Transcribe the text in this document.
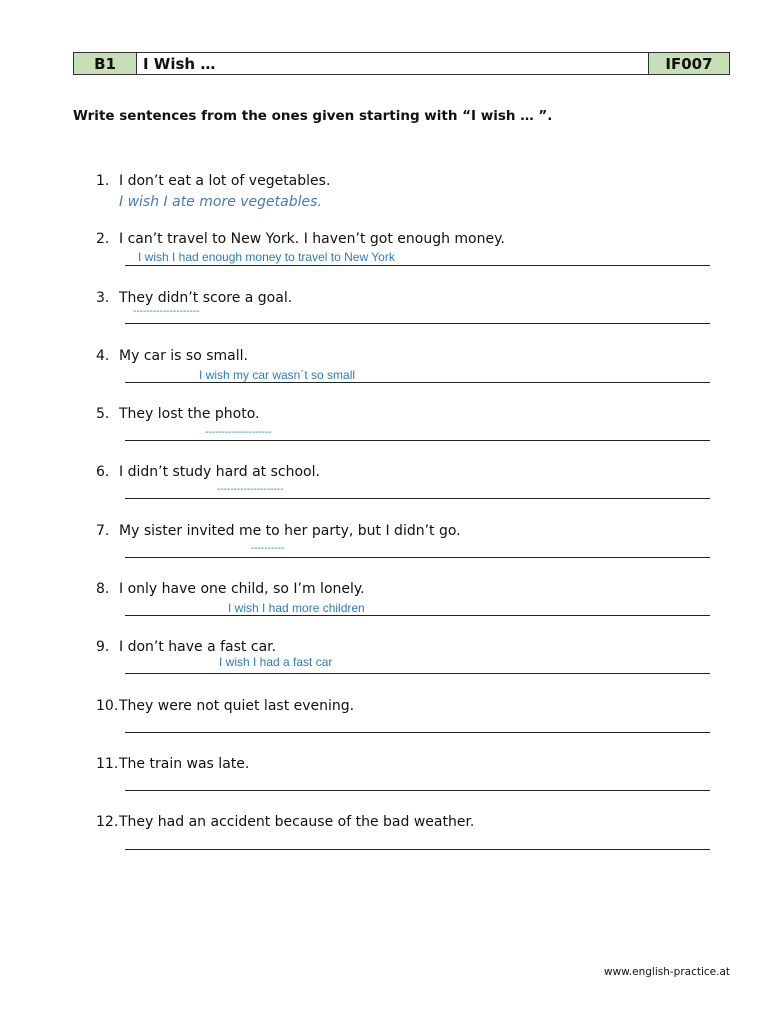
B1	I Wish …	IF007
Write sentences from the ones given starting with “I wish … ”.
1. I don’t eat a lot of vegetables.
I wish I ate more vegetables.
2. I can’t travel to New York. I haven’t got enough money.
I wish I had enough money to travel to New York
3. They didn’t score a goal.
--------------------
4. My car is so small.
I wish my car wasn´t so small
5. They lost the photo.
--------------------
6. I didn’t study hard at school.
--------------------
7. My sister invited me to her party, but I didn’t go.
----------
8. I only have one child, so I’m lonely.
I wish I had more children
9. I don’t have a fast car.
I wish I had a fast car
10. They were not quiet last evening.
11. The train was late.
12. They had an accident because of the bad weather.
www.english-practice.at
